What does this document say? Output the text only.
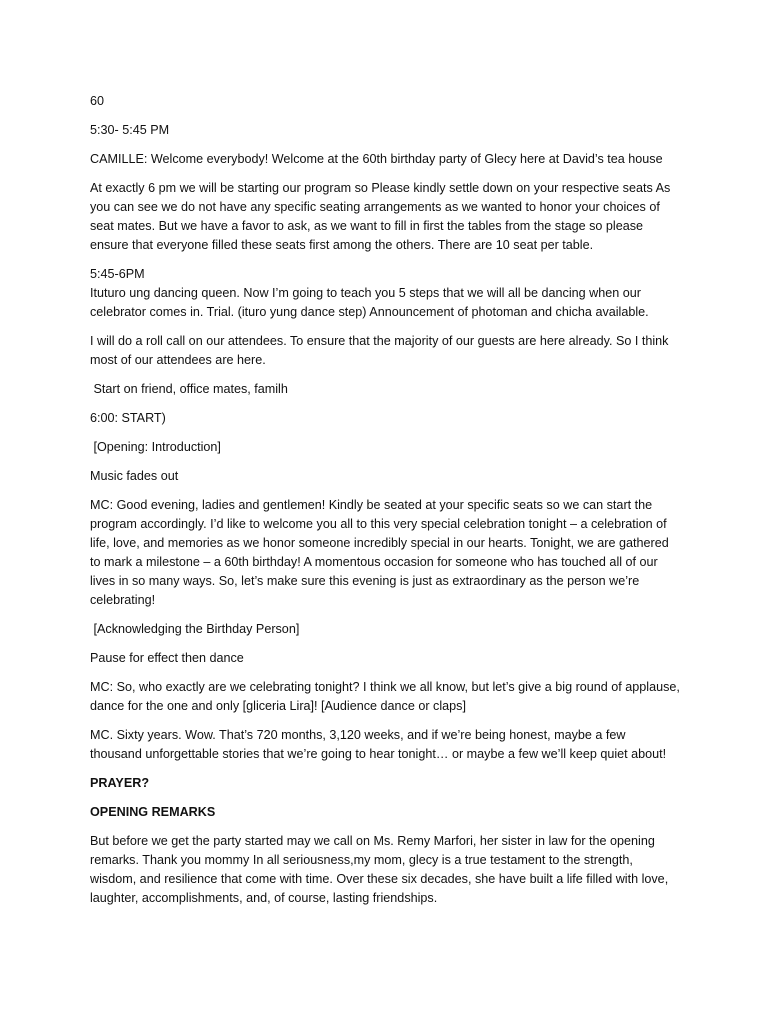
60

5:30- 5:45 PM

CAMILLE: Welcome everybody! Welcome at the 60th birthday party of Glecy here at David’s tea house

At exactly 6 pm we will be starting our program so Please kindly settle down on your respective seats As you can see we do not have any specific seating arrangements as we wanted to honor your choices of seat mates. But we have a favor to ask, as we want to fill in first the tables from the stage so please ensure that everyone filled these seats first among the others. There are 10 seat per table.

5:45-6PM
Ituturo ung dancing queen. Now I’m going to teach you 5 steps that we will all be dancing when our celebrator comes in. Trial. (ituro yung dance step) Announcement of photoman and chicha available.

I will do a roll call on our attendees. To ensure that the majority of our guests are here already. So I think most of our attendees are here.

Start on friend, office mates, familh

6:00: START)

[Opening: Introduction]

Music fades out

MC: Good evening, ladies and gentlemen! Kindly be seated at your specific seats so we can start the program accordingly. I’d like to welcome you all to this very special celebration tonight – a celebration of life, love, and memories as we honor someone incredibly special in our hearts. Tonight, we are gathered to mark a milestone – a 60th birthday! A momentous occasion for someone who has touched all of our lives in so many ways. So, let’s make sure this evening is just as extraordinary as the person we’re celebrating!

[Acknowledging the Birthday Person]

Pause for effect then dance

MC: So, who exactly are we celebrating tonight? I think we all know, but let’s give a big round of applause, dance for the one and only [gliceria Lira]! [Audience dance or claps]

MC. Sixty years. Wow. That’s 720 months, 3,120 weeks, and if we’re being honest, maybe a few thousand unforgettable stories that we’re going to hear tonight… or maybe a few we’ll keep quiet about!

PRAYER?

OPENING REMARKS

But before we get the party started may we call on Ms. Remy Marfori, her sister in law for the opening remarks. Thank you mommy In all seriousness,my mom, glecy is a true testament to the strength, wisdom, and resilience that come with time. Over these six decades, she have built a life filled with love, laughter, accomplishments, and, of course, lasting friendships.
